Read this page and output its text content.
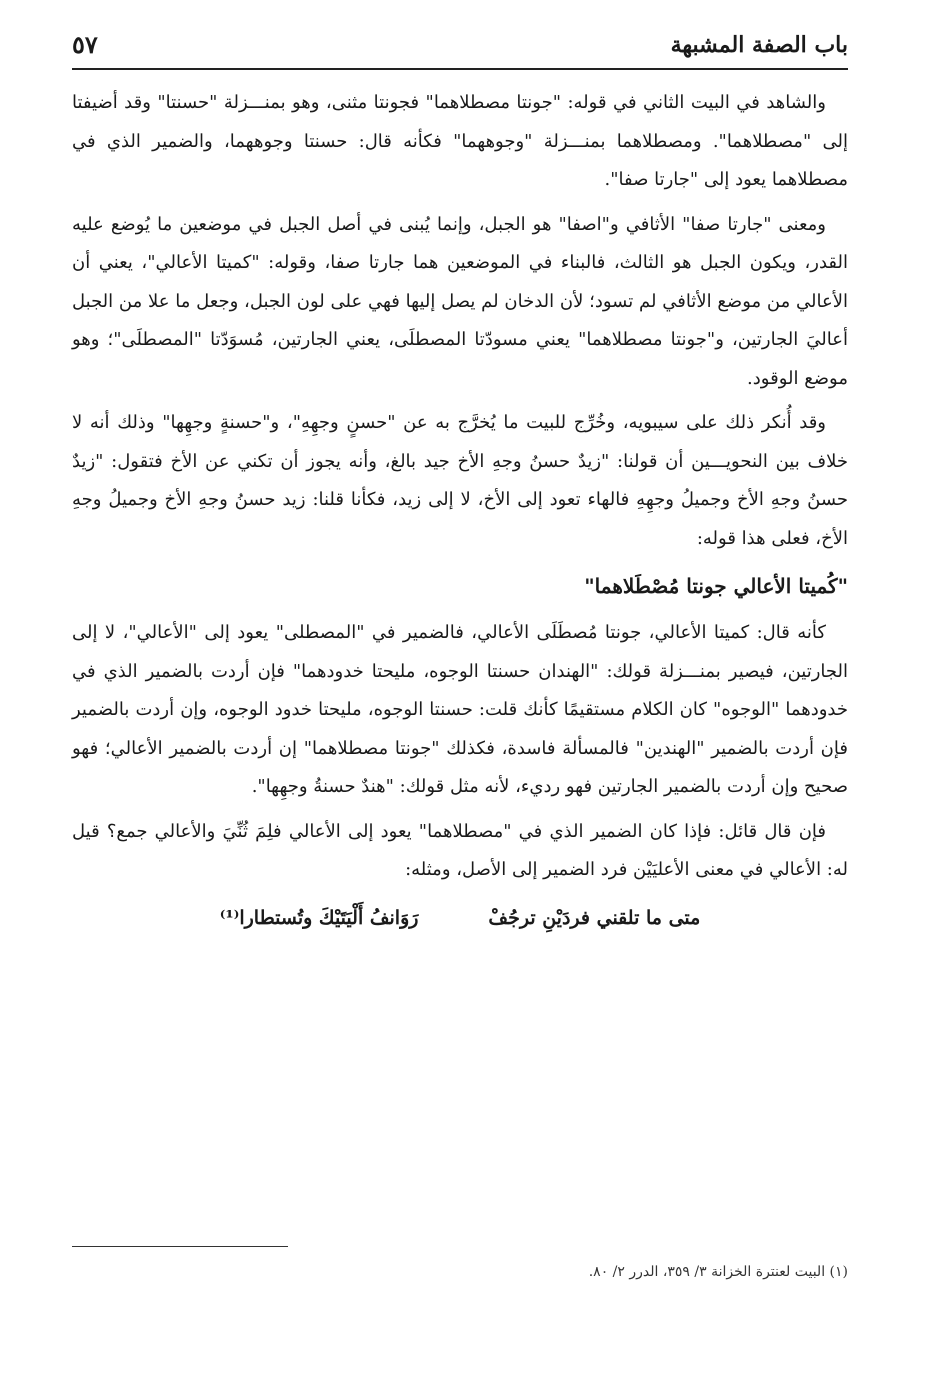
باب الصفة المشبهة
٥٧

والشاهد في البيت الثاني في قوله: "جونتا مصطلاهما" فجونتا مثنى، وهو بمنـــزلة "حسنتا" وقد أضيفتا إلى "مصطلاهما". ومصطلاهما بمنـــزلة "وجوههما" فكأنه قال: حسنتا وجوههما، والضمير الذي في مصطلاهما يعود إلى "جارتا صفا".

ومعنى "جارتا صفا" الأثافي و"اصفا" هو الجبل، وإنما يُبنى في أصل الجبل في موضعين ما يُوضع عليه القدر، ويكون الجبل هو الثالث، فالبناء في الموضعين هما جارتا صفا، وقوله: "كميتا الأعالي"، يعني أن الأعالي من موضع الأثافي لم تسود؛ لأن الدخان لم يصل إليها فهي على لون الجبل، وجعل ما علا من الجبل أعاليَ الجارتين، و"جونتا مصطلاهما" يعني مسودّتا المصطلَى، يعني الجارتين، مُسوَدّتا "المصطلَى"؛ وهو موضع الوقود.

وقد أُنكر ذلك على سيبويه، وخُرِّج للبيت ما يُخرَّج به عن "حسنٍ وجهِهِ"، و"حسنةٍ وجهِها" وذلك أنه لا خلاف بين النحويـــين أن قولنا: "زيدٌ حسنُ وجهِ الأخ جيد بالغ، وأنه يجوز أن تكني عن الأخ فتقول: "زيدٌ حسنُ وجهِ الأخ وجميلُ وجهِهِ فالهاء تعود إلى الأخ، لا إلى زيد، فكأنا قلنا: زيد حسنُ وجهِ الأخ وجميلُ وجهِ الأخ، فعلى هذا قوله:

"كُميتا الأعالي جونتا مُصْطَلاهما"

كأنه قال: كميتا الأعالي، جونتا مُصطَلَى الأعالي، فالضمير في "المصطلى" يعود إلى "الأعالي"، لا إلى الجارتين، فيصير بمنـــزلة قولك: "الهندان حسنتا الوجوه، مليحتا خدودهما" فإن أردت بالضمير الذي في خدودهما "الوجوه" كان الكلام مستقيمًا كأنك قلت: حسنتا الوجوه، مليحتا خدود الوجوه، وإن أردت بالضمير فإن أردت بالضمير "الهندين" فالمسألة فاسدة، فكذلك "جونتا مصطلاهما" إن أردت بالضمير الأعالي؛ فهو صحيح وإن أردت بالضمير الجارتين فهو رديء، لأنه مثل قولك: "هندٌ حسنةُ وجهِها".

فإن قال قائل: فإذا كان الضمير الذي في "مصطلاهما" يعود إلى الأعالي فلِمَ ثُنِّيَ والأعالي جمع؟ قيل له: الأعالي في معنى الأعليَيْن فرد الضمير إلى الأصل، ومثله:

متى ما تلقني فردَيْنِ ترجُفْ
رَوَانفُ أَلْيَتَيْكَ وتُستطارا⁽¹⁾
(١) البيت لعنترة الخزانة ٣/ ٣٥٩، الدرر ٢/ ٨٠.
